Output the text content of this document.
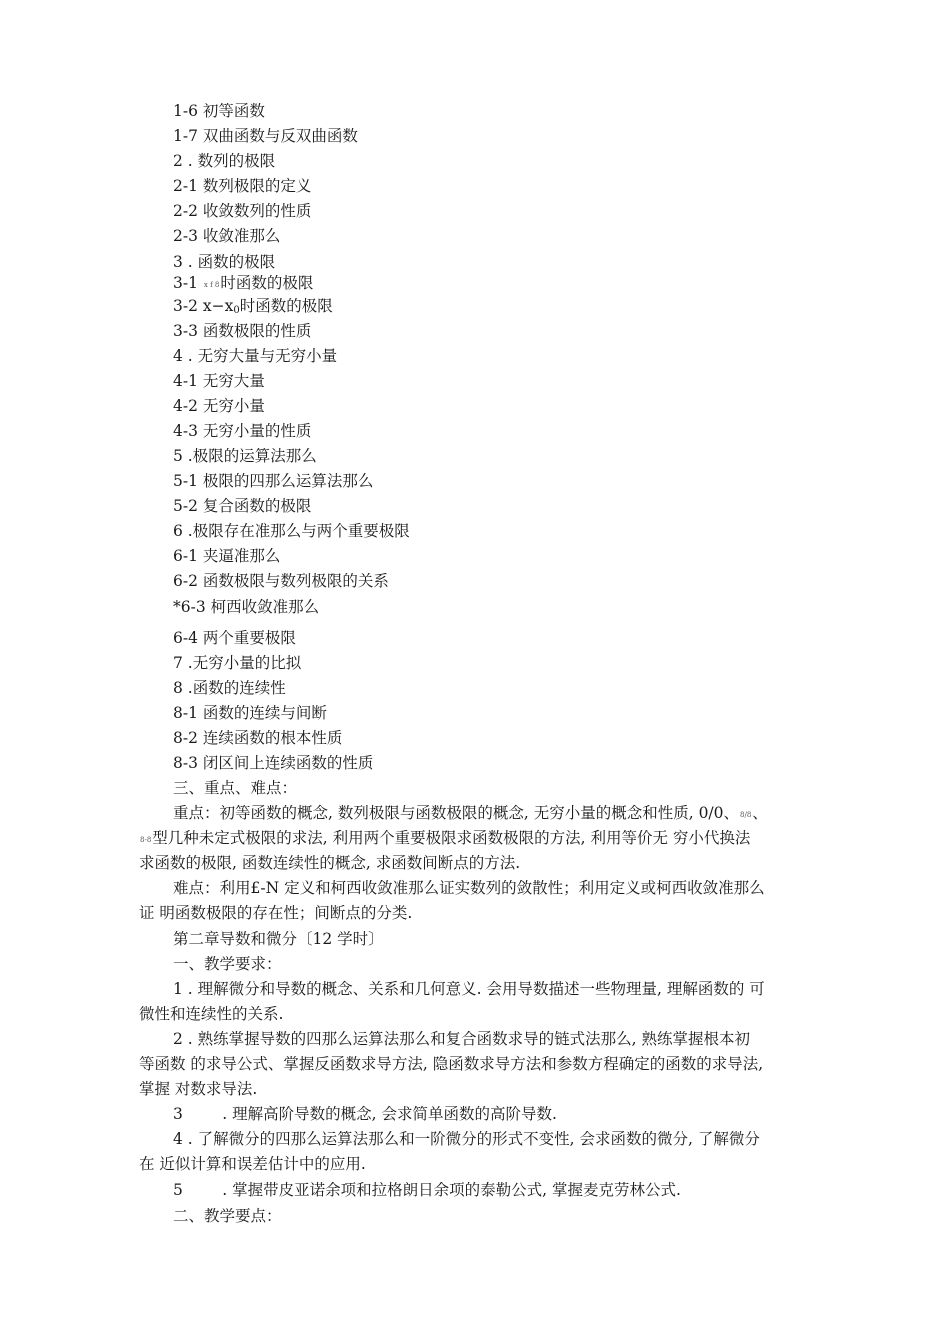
1-6 初等函数
1-7 双曲函数与反双曲函数
2 . 数列的极限
2-1 数列极限的定义
2-2 收敛数列的性质
2-3 收敛准那么
3 . 函数的极限
3-1 x f 8时函数的极限
3-2 $x-x_0$时函数的极限
3-3 函数极限的性质
4 . 无穷大量与无穷小量
4-1 无穷大量
4-2 无穷小量
4-3 无穷小量的性质
5 .极限的运算法那么
5-1 极限的四那么运算法那么
5-2 复合函数的极限
6 .极限存在准那么与两个重要极限
6-1 夹逼准那么
6-2 函数极限与数列极限的关系
*6-3 柯西收敛准那么
6-4 两个重要极限
7 .无穷小量的比拟
8 .函数的连续性
8-1 函数的连续与间断
8-2 连续函数的根本性质
8-3 闭区间上连续函数的性质
三、重点、难点：
重点：初等函数的概念, 数列极限与函数极限的概念, 无穷小量的概念和性质, 0/0、8/8、
8-8型几种未定式极限的求法, 利用两个重要极限求函数极限的方法, 利用等价无 穷小代换法
求函数的极限, 函数连续性的概念, 求函数间断点的方法.
难点：利用£-N 定义和柯西收敛准那么证实数列的敛散性；利用定义或柯西收敛准那么
证 明函数极限的存在性；间断点的分类.
第二章导数和微分〔12 学时〕
一、教学要求：
1 . 理解微分和导数的概念、关系和几何意义. 会用导数描述一些物理量, 理解函数的 可
微性和连续性的关系.
2 . 熟练掌握导数的四那么运算法那么和复合函数求导的链式法那么, 熟练掌握根本初
等函数 的求导公式、掌握反函数求导方法, 隐函数求导方法和参数方程确定的函数的求导法,
掌握 对数求导法.
3        . 理解高阶导数的概念, 会求简单函数的高阶导数.
4 . 了解微分的四那么运算法那么和一阶微分的形式不变性, 会求函数的微分, 了解微分
在 近似计算和误差估计中的应用.
5        . 掌握带皮亚诺余项和拉格朗日余项的泰勒公式, 掌握麦克劳林公式.
二、教学要点：
